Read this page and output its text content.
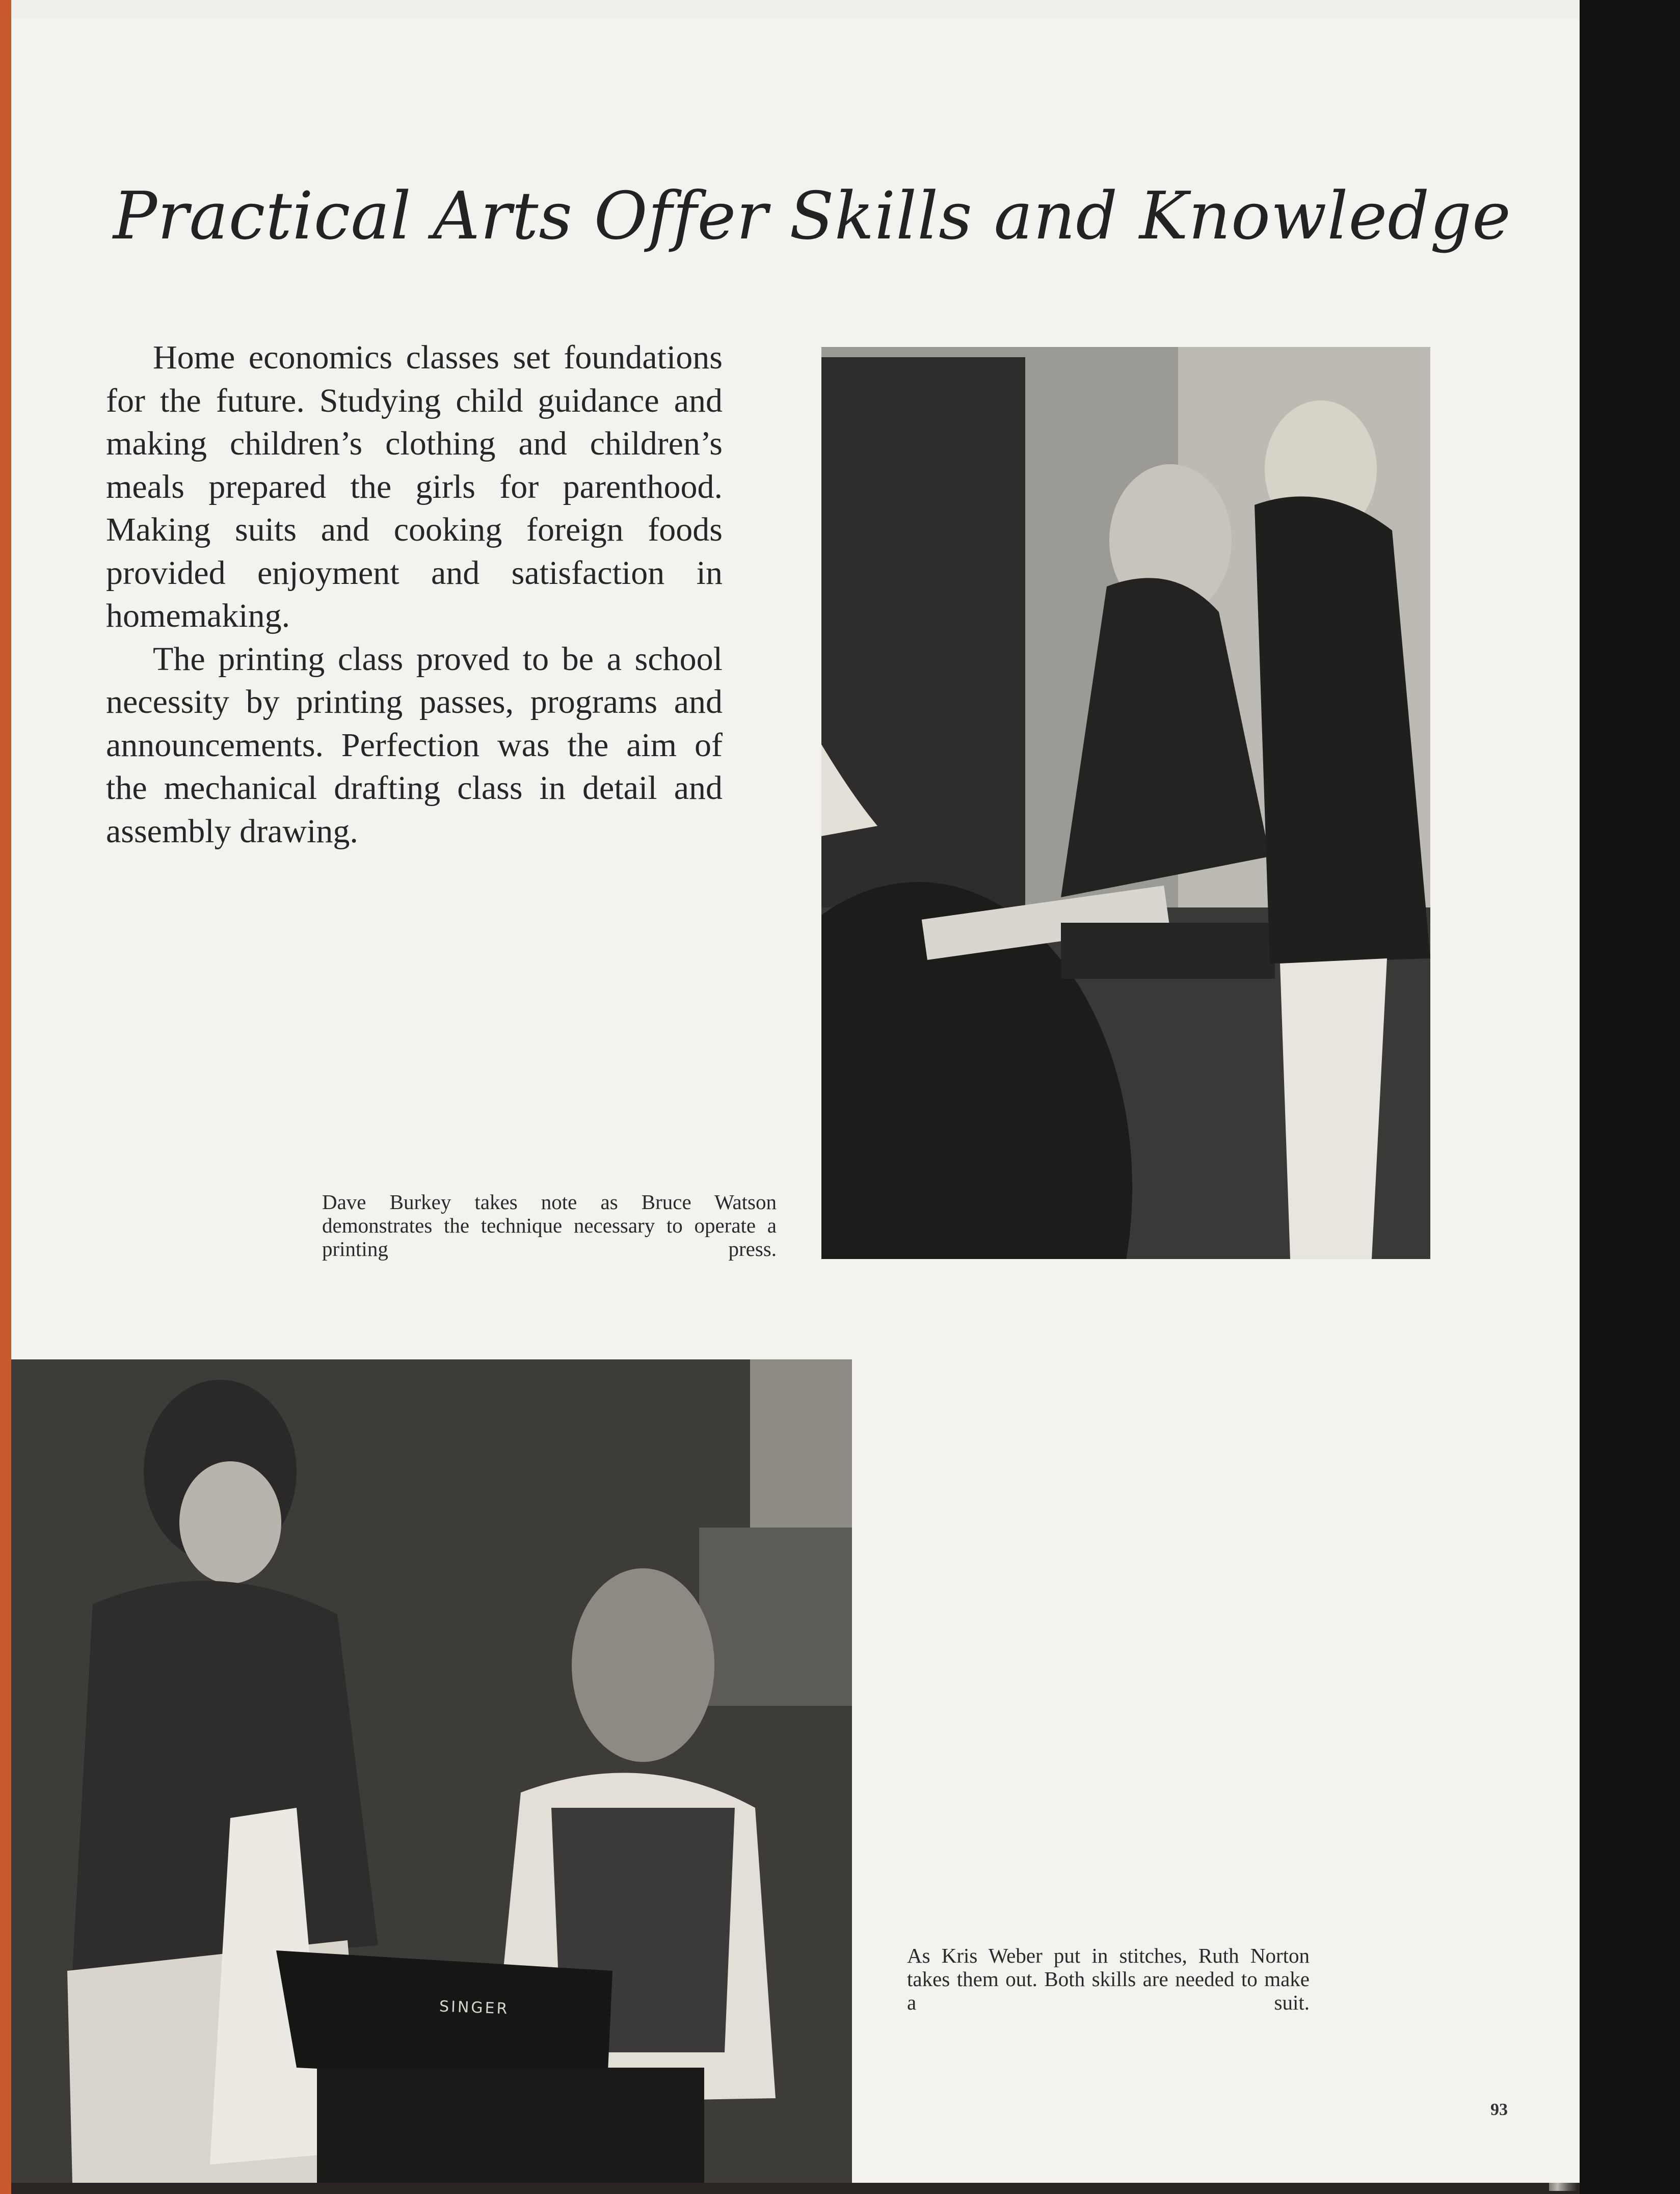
Practical Arts Offer Skills and Knowledge

Home economics classes set foundations for the future. Studying child guidance and making children’s clothing and children’s meals prepared the girls for parenthood. Making suits and cooking foreign foods provided enjoyment and satisfaction in homemaking.

The printing class proved to be a school necessity by printing passes, programs and announcements. Perfection was the aim of the mechanical drafting class in detail and assembly drawing.

Dave Burkey takes note as Bruce Watson demonstrates the technique necessary to operate a printing press.

SINGER

As Kris Weber put in stitches, Ruth Norton takes them out. Both skills are needed to make a suit.

93
